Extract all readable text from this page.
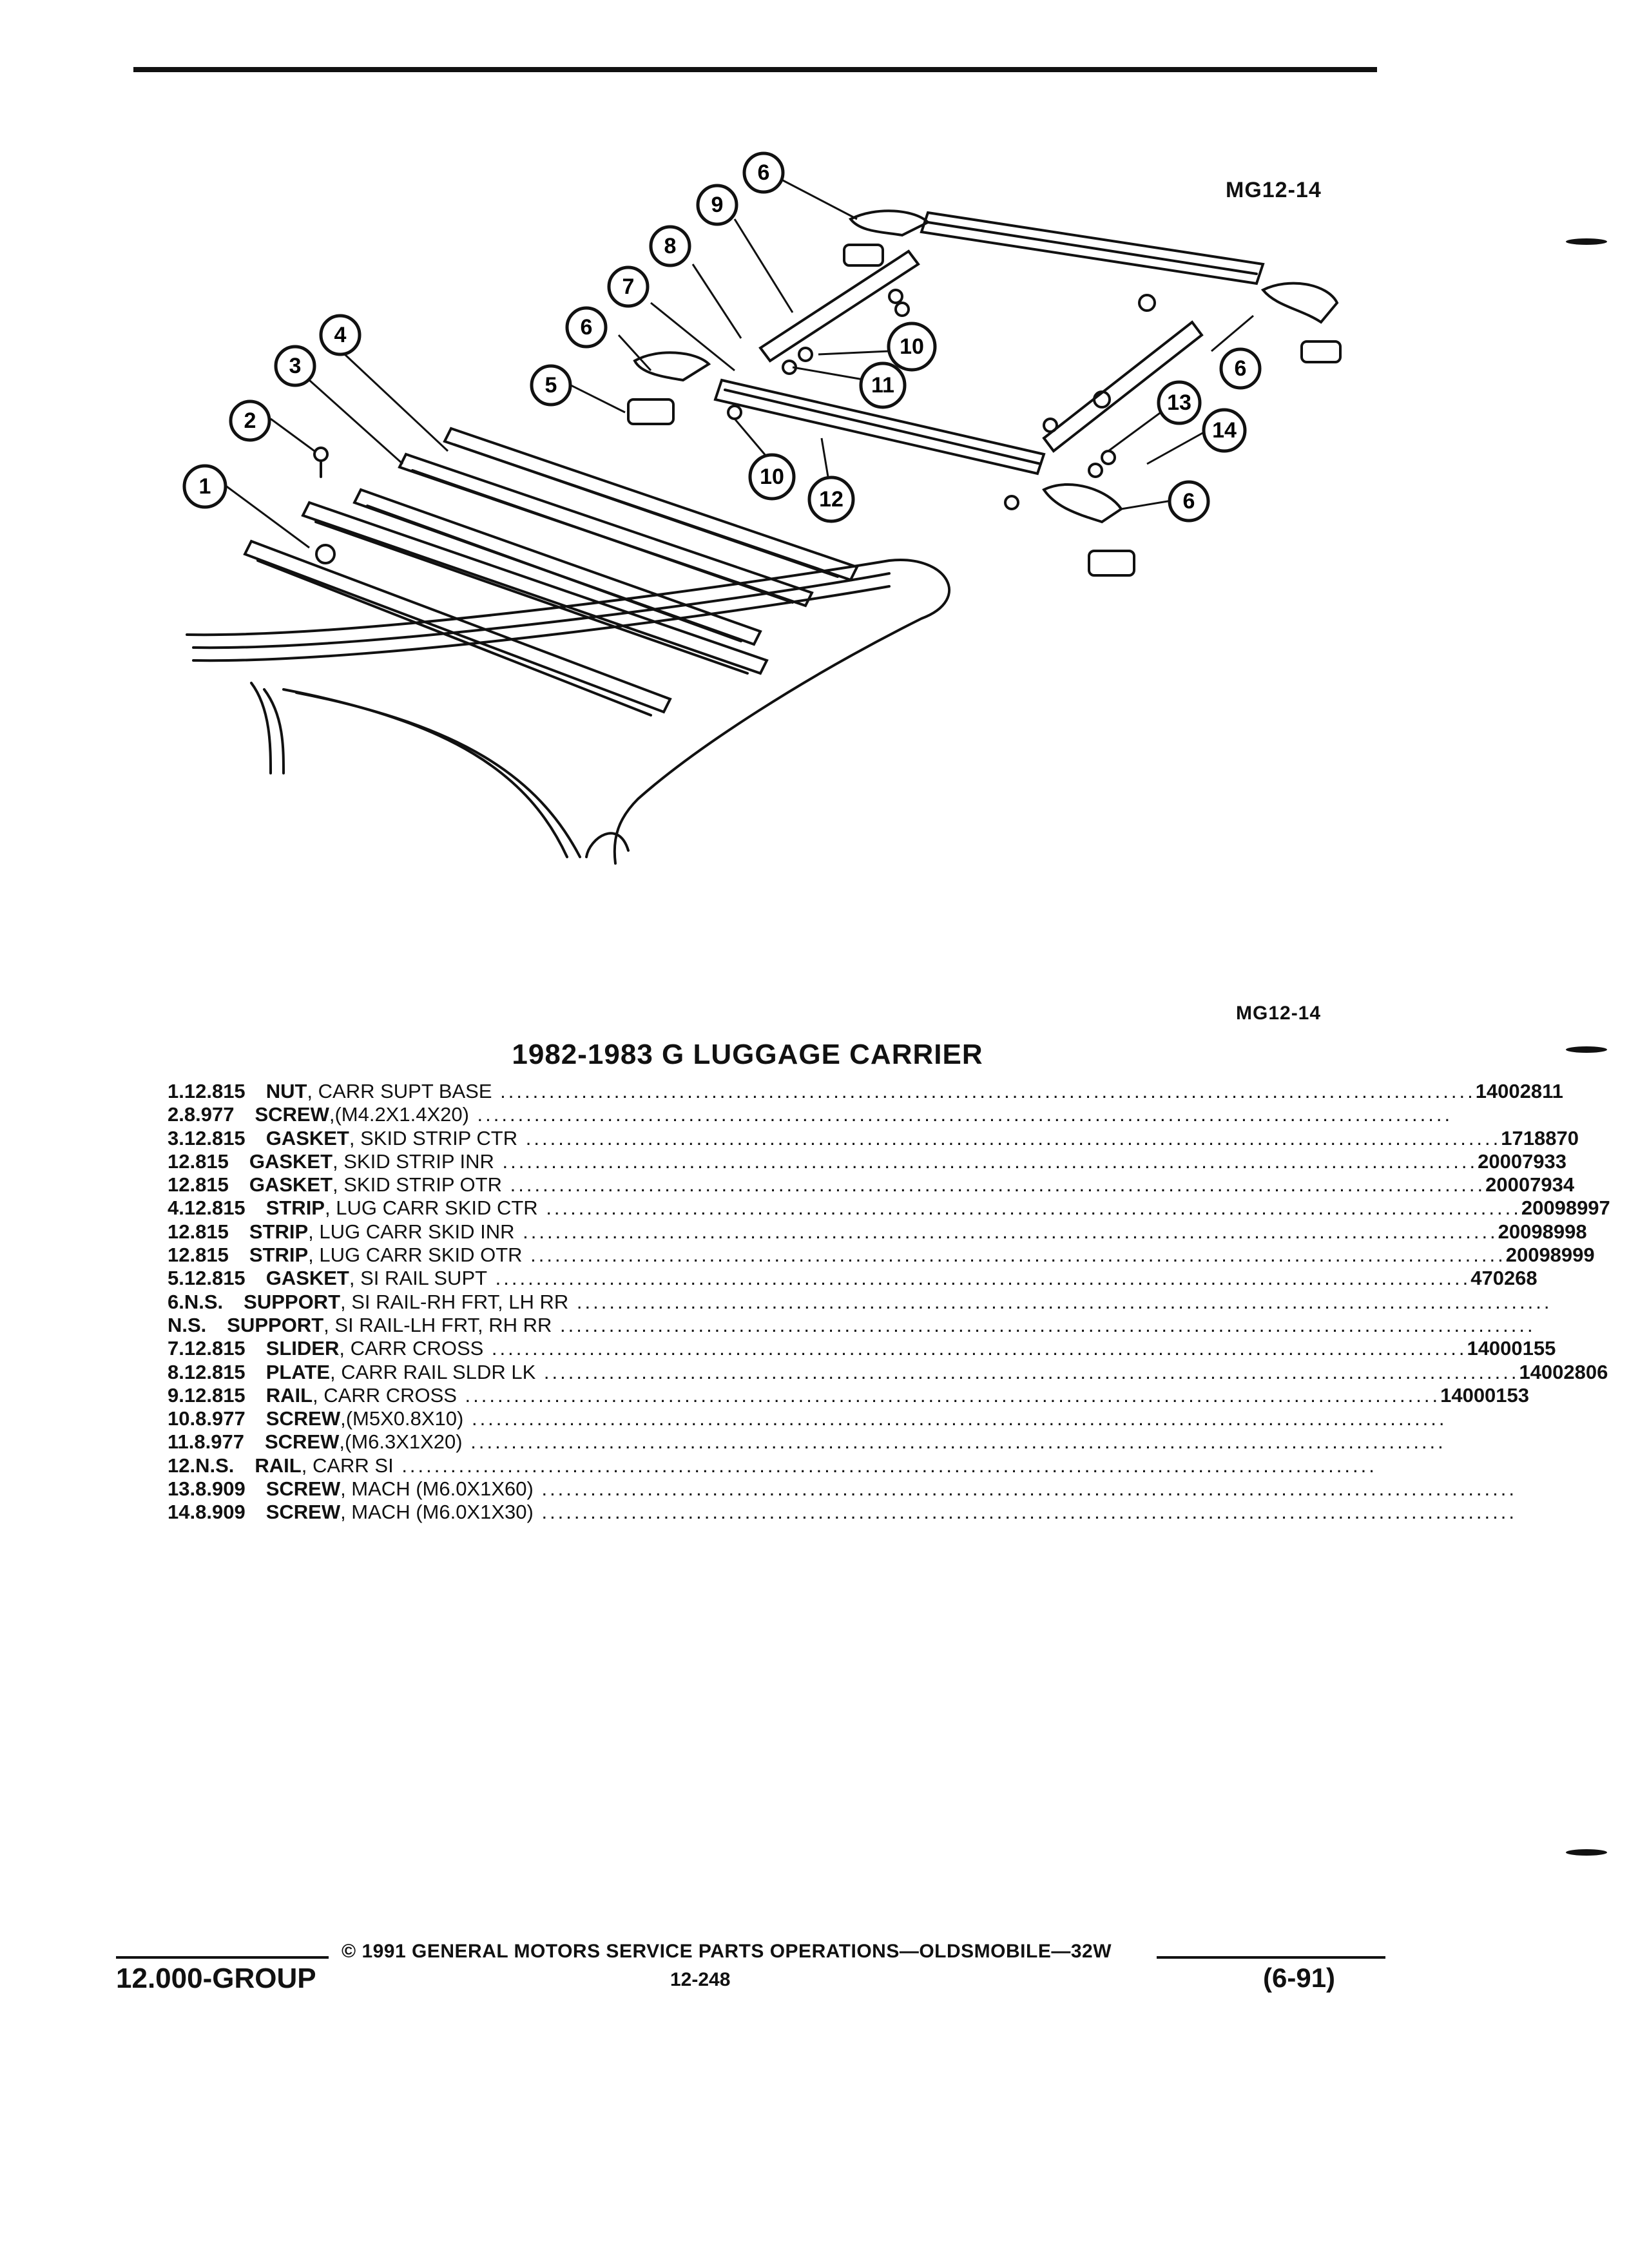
1
2
3
4
5
6
7
8
9
6
10
11
10
12
13
14
6
6
MG12-14
MG12-14
1982-1983 G LUGGAGE CARRIER
1. 12.815 NUT, CARR SUPT BASE ........................................................................................................................ 14002811
2. 8.977 SCREW,(M4.2X1.4X20) ........................................................................................................................
3. 12.815 GASKET, SKID STRIP CTR ........................................................................................................................ 1718870
12.815 GASKET, SKID STRIP INR ........................................................................................................................ 20007933
12.815 GASKET, SKID STRIP OTR ........................................................................................................................ 20007934
4. 12.815 STRIP, LUG CARR SKID CTR ........................................................................................................................ 20098997
12.815 STRIP, LUG CARR SKID INR ........................................................................................................................ 20098998
12.815 STRIP, LUG CARR SKID OTR ........................................................................................................................ 20098999
5. 12.815 GASKET, SI RAIL SUPT ........................................................................................................................ 470268
6. N.S. SUPPORT, SI RAIL-RH FRT, LH RR ........................................................................................................................
N.S. SUPPORT, SI RAIL-LH FRT, RH RR ........................................................................................................................
7. 12.815 SLIDER, CARR CROSS ........................................................................................................................ 14000155
8. 12.815 PLATE, CARR RAIL SLDR LK ........................................................................................................................ 14002806
9. 12.815 RAIL, CARR CROSS ........................................................................................................................ 14000153
10. 8.977 SCREW,(M5X0.8X10) ........................................................................................................................
11. 8.977 SCREW,(M6.3X1X20) ........................................................................................................................
12. N.S. RAIL, CARR SI ........................................................................................................................
13. 8.909 SCREW, MACH (M6.0X1X60) ........................................................................................................................
14. 8.909 SCREW, MACH (M6.0X1X30) ........................................................................................................................
© 1991 GENERAL MOTORS SERVICE PARTS OPERATIONS—OLDSMOBILE—32W
12.000-GROUP	12-248	(6-91)
